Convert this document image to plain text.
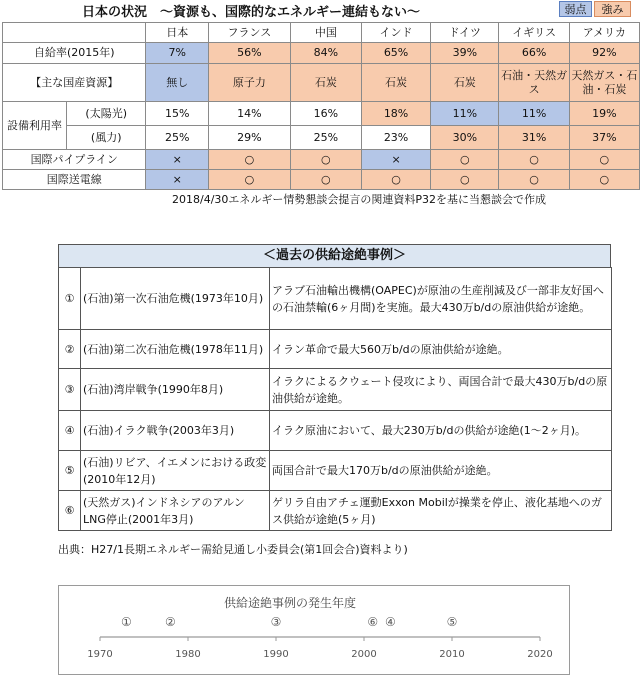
日本の状況　～資源も、国際的なエネルギー連結もない～	弱点	強み
		日本	フランス	中国	インド	ドイツ	イギリス	アメリカ
自給率(2015年)		7%	56%	84%	65%	39%	66%	92%
【主な国産資源】		無し	原子力	石炭	石炭	石炭	石油・天然ガス	天然ガス・石油・石炭
設備利用率	(太陽光)	15%	14%	16%	18%	11%	11%	19%
	(風力)	25%	29%	25%	23%	30%	31%	37%
国際パイプライン		×	○	○	×	○	○	○
国際送電線		×	○	○	○	○	○	○
2018/4/30エネルギー情勢懇談会提言の関連資料P32を基に当懇談会で作成
＜過去の供給途絶事例＞
①	(石油)第一次石油危機(1973年10月)	アラブ石油輸出機構(OAPEC)が原油の生産削減及び一部非友好国への石油禁輸(6ヶ月間)を実施。最大430万b/dの原油供給が途絶。
②	(石油)第二次石油危機(1978年11月)	イラン革命で最大560万b/dの原油供給が途絶。
③	(石油)湾岸戦争(1990年8月)	イラクによるクウェート侵攻により、両国合計で最大430万b/dの原油供給が途絶。
④	(石油)イラク戦争(2003年3月)	イラク原油において、最大230万b/dの供給が途絶(1～2ヶ月)。
⑤	(石油)リビア、イエメンにおける政変(2010年12月)	両国合計で最大170万b/dの原油供給が途絶。
⑥	(天然ガス)インドネシアのアルンLNG停止(2001年3月)	ゲリラ自由アチェ運動Exxon Mobilが操業を停止、液化基地へのガス供給が途絶(5ヶ月)
出典：H27/1長期エネルギー需給見通し小委員会(第1回会合)資料より)
供給途絶事例の発生年度
1970	1980	1990	2000	2010	2020
①	②	③	⑥ ④	⑤
